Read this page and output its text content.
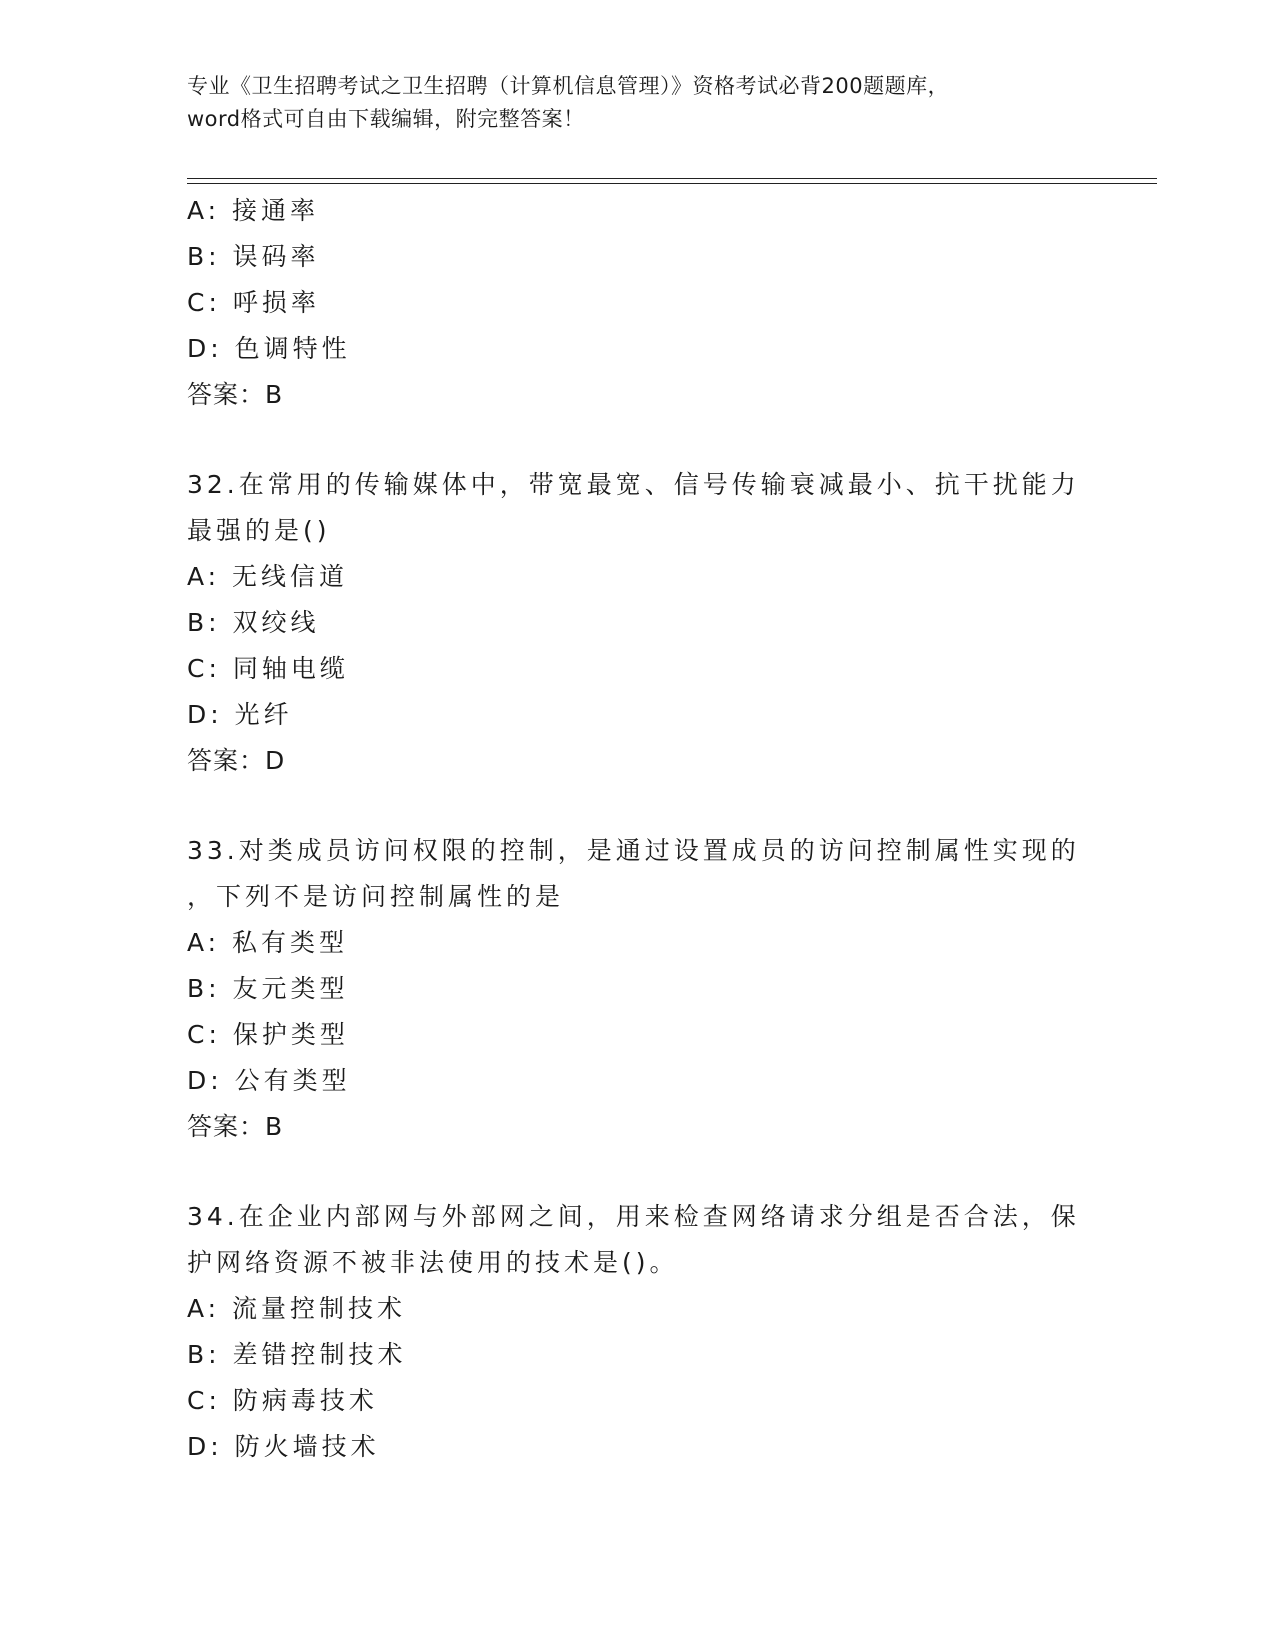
专业《卫生招聘考试之卫生招聘（计算机信息管理）》资格考试必背200题题库，
word格式可自由下载编辑，附完整答案！
A: 接通率
B: 误码率
C: 呼损率
D: 色调特性
答案：B
32.在常用的传输媒体中，带宽最宽、信号传输衰减最小、抗干扰能力
最强的是()
A: 无线信道
B: 双绞线
C: 同轴电缆
D: 光纤
答案：D
33.对类成员访问权限的控制，是通过设置成员的访问控制属性实现的
，下列不是访问控制属性的是
A: 私有类型
B: 友元类型
C: 保护类型
D: 公有类型
答案：B
34.在企业内部网与外部网之间，用来检查网络请求分组是否合法，保
护网络资源不被非法使用的技术是()。
A: 流量控制技术
B: 差错控制技术
C: 防病毒技术
D: 防火墙技术
